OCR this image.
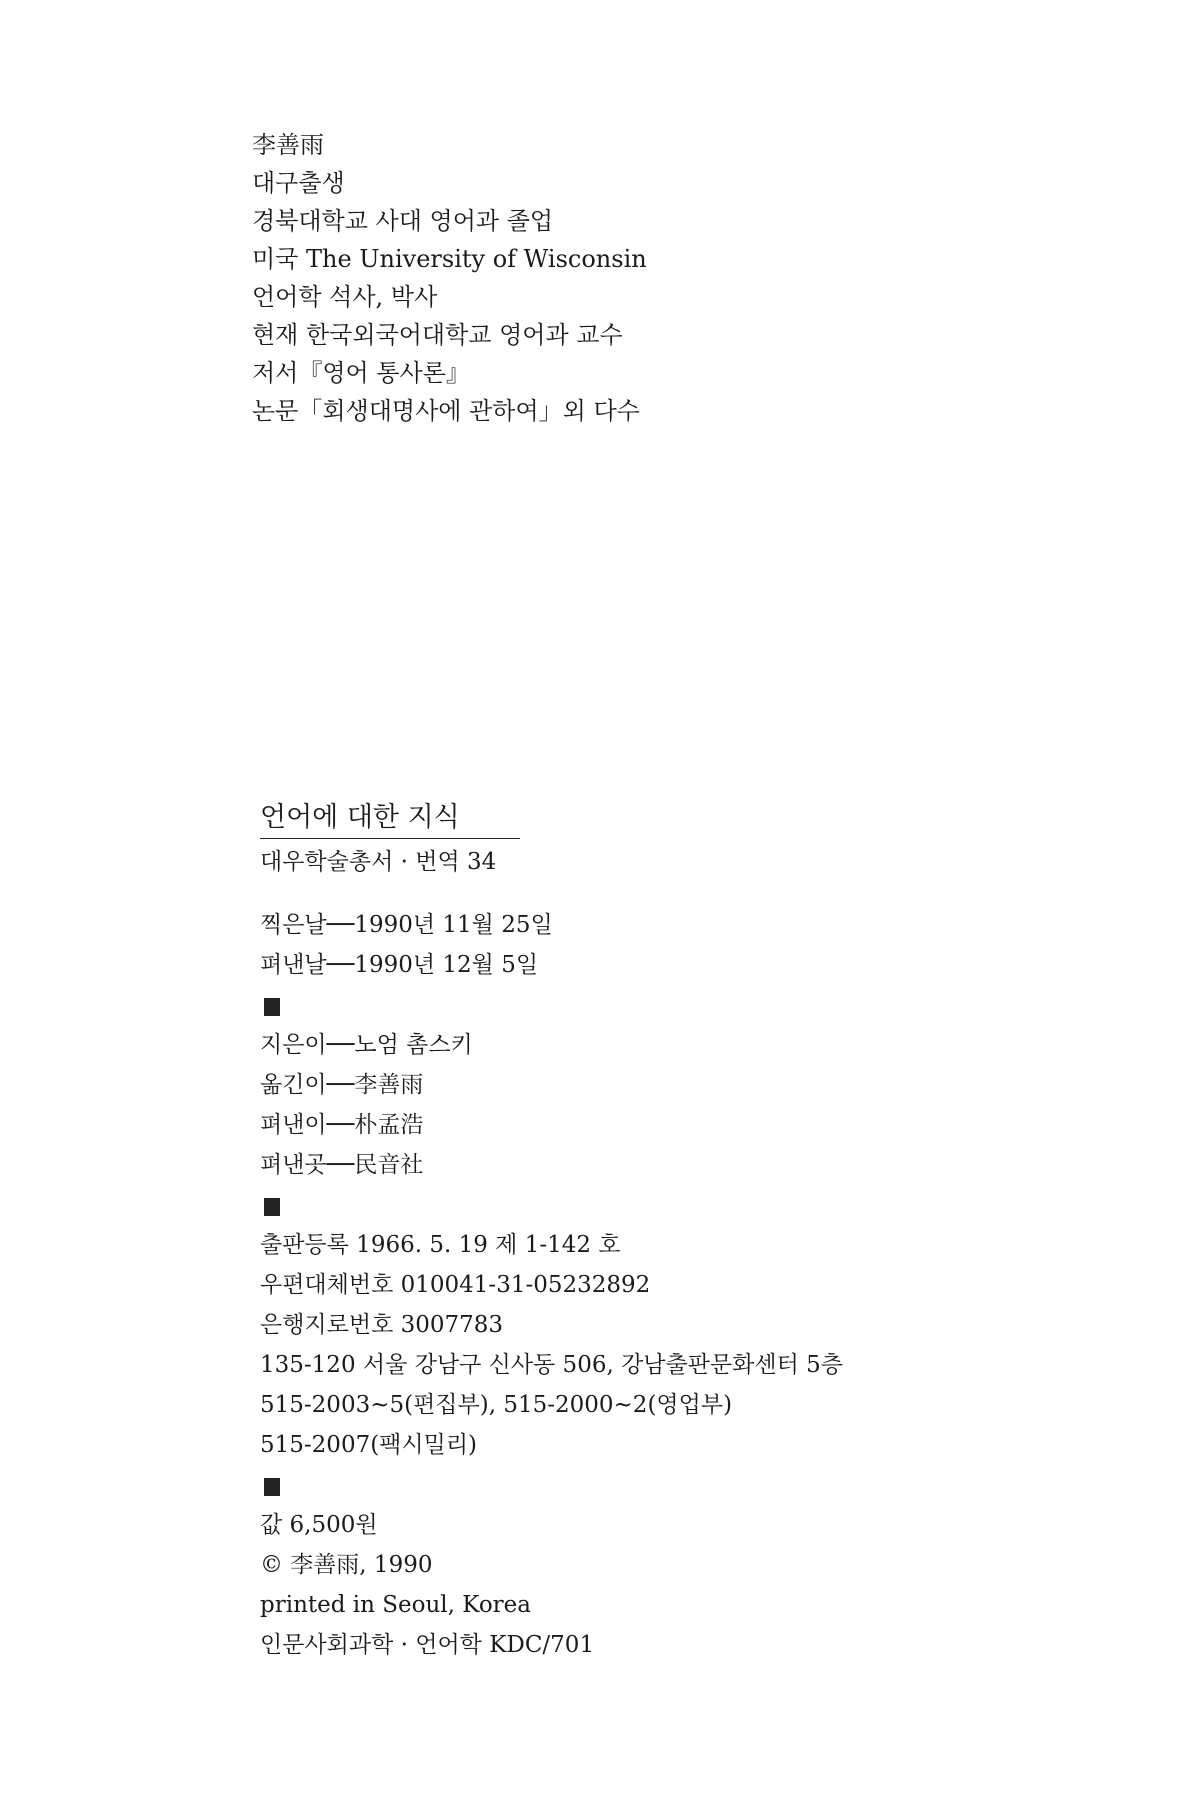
李善雨
대구출생
경북대학교 사대 영어과 졸업
미국 The University of Wisconsin
언어학 석사, 박사
현재 한국외국어대학교 영어과 교수
저서『영어 통사론』
논문「회생대명사에 관하여」외 다수
언어에 대한 지식
대우학술총서 · 번역 34
찍은날──1990년 11월 25일
펴낸날──1990년 12월 5일
지은이──노엄 촘스키
옮긴이──李善雨
펴낸이──朴孟浩
펴낸곳──民音社
출판등록 1966. 5. 19 제 1-142 호
우편대체번호 010041-31-05232892
은행지로번호 3007783
135-120 서울 강남구 신사동 506, 강남출판문화센터 5층
515-2003~5(편집부), 515-2000~2(영업부)
515-2007(팩시밀리)
값 6,500원
© 李善雨, 1990
printed in Seoul, Korea
인문사회과학 · 언어학 KDC/701
